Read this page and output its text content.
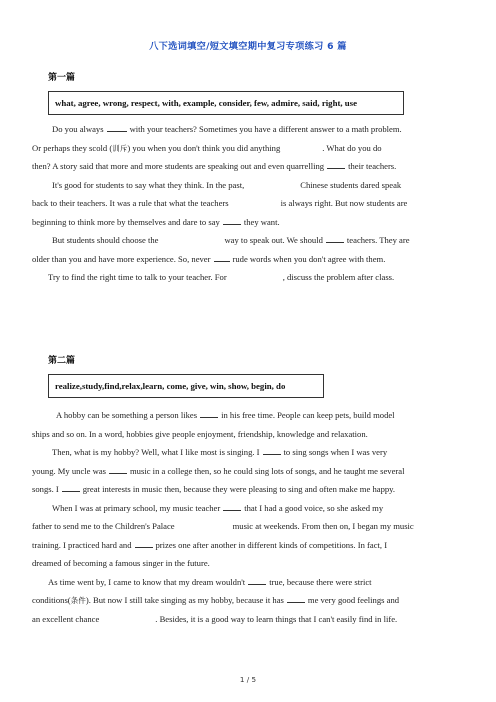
八下选词填空/短文填空期中复习专项练习 6 篇
第一篇
what, agree, wrong, respect, with, example, consider, few, admire, said, right, use
Do you always	with your teachers? Sometimes you have a different answer to a math problem.
Or perhaps they scold (训斥) you when you don't think you did anything	. What do you do
then? A story said that more and more students are speaking out and even quarrelling	their teachers.
It's good for students to say what they think. In the past,	Chinese students dared speak
back to their teachers. It was a rule that what the teachers	is always right. But now students are
beginning to think more by themselves and dare to say	they want.
But students should choose the	way to speak out. We should	teachers. They are
older than you and have more experience. So, never	rude words when you don't agree with them.
Try to find the right time to talk to your teacher. For	, discuss the problem after class.
第二篇
realize,study,find,relax,learn, come, give, win, show, begin, do
A hobby can be something a person likes	in his free time. People can keep pets, build model
ships and so on. In a word, hobbies give people enjoyment, friendship, knowledge and relaxation.
Then, what is my hobby? Well, what I like most is singing. I	to sing songs when I was very
young. My uncle was	music in a college then, so he could sing lots of songs, and he taught me several
songs. I	great interests in music then, because they were pleasing to sing and often make me happy.
When I was at primary school, my music teacher	that I had a good voice, so she asked my
father to send me to the Children's Palace	music at weekends. From then on, I began my music
training. I practiced hard and	prizes one after another in different kinds of competitions. In fact, I
dreamed of becoming a famous singer in the future.
As time went by, I came to know that my dream wouldn't	true, because there were strict
conditions(条件). But now I still take singing as my hobby, because it has	me very good feelings and
an excellent chance	. Besides, it is a good way to learn things that I can't easily find in life.
1 / 5
